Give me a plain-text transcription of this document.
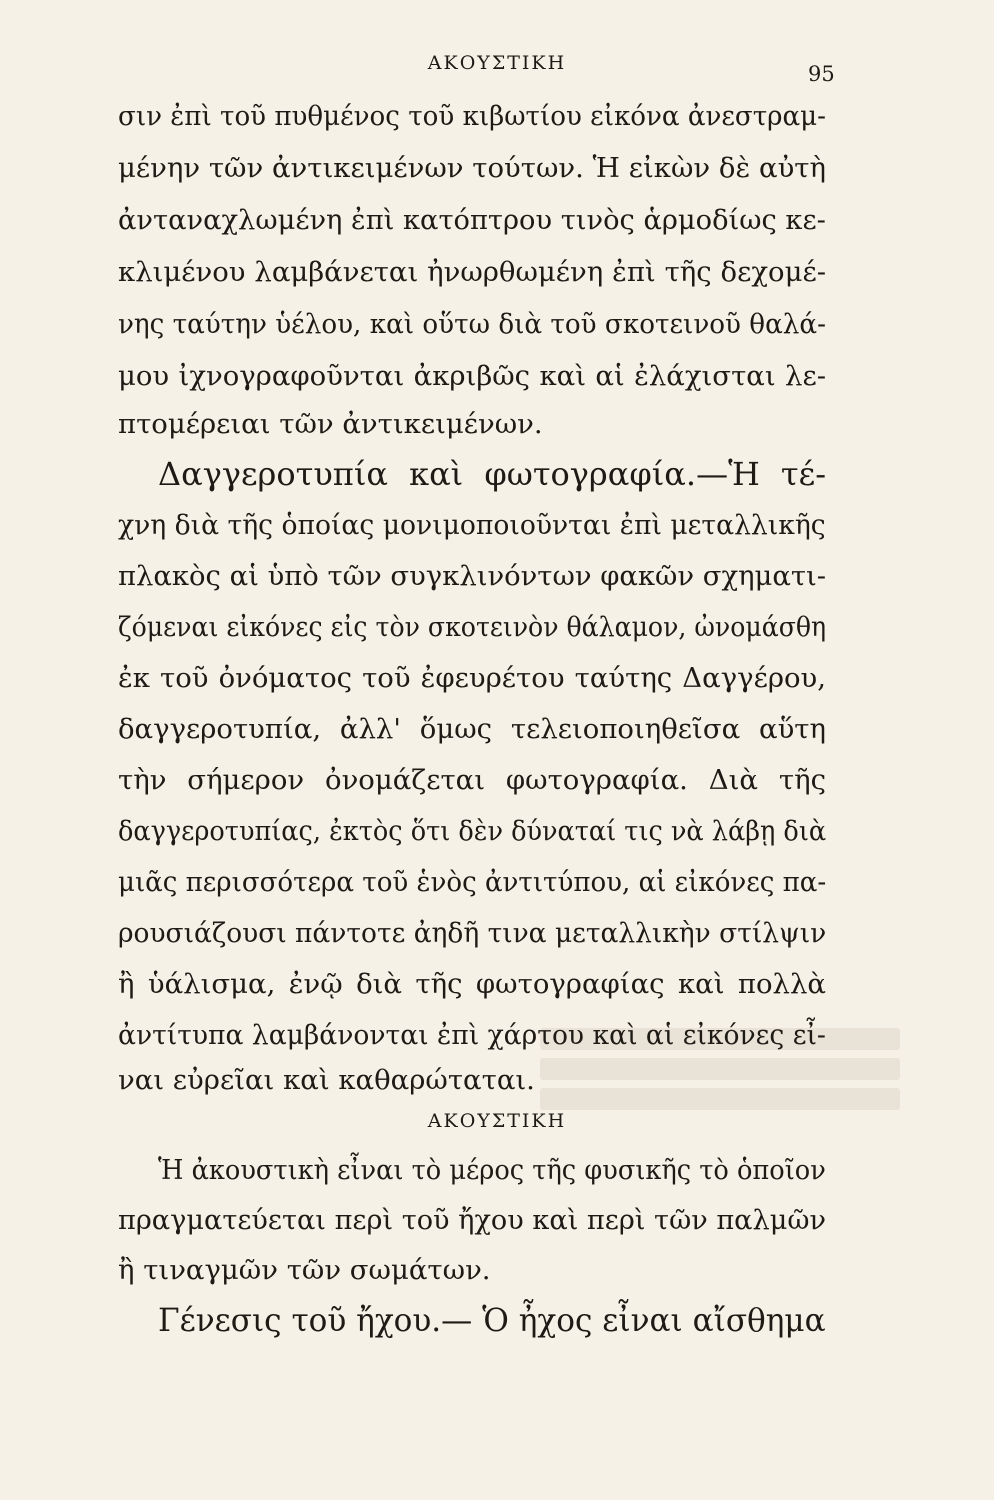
ΑΚΟΥΣΤΙΚΗ	95
σιν ἐπὶ τοῦ πυθμένος τοῦ κιβωτίου εἰκόνα ἀνεστραμ-
μένην τῶν ἀντικειμένων τούτων. Ἡ εἰκὼν δὲ αὐτὴ
ἀνταναχλωμένη ἐπὶ κατόπτρου τινὸς ἁρμοδίως κε-
κλιμένου λαμβάνεται ἠνωρθωμένη ἐπὶ τῆς δεχομέ-
νης ταύτην ὑέλου, καὶ οὕτω διὰ τοῦ σκοτεινοῦ θαλά-
μου ἰχνογραφοῦνται ἀκριβῶς καὶ αἱ ἐλάχισται λε-
πτομέρειαι τῶν ἀντικειμένων.
Δαγγεροτυπία καὶ φωτογραφία.—Ἡ τέ-
χνη διὰ τῆς ὁποίας μονιμοποιοῦνται ἐπὶ μεταλλικῆς
πλακὸς αἱ ὑπὸ τῶν συγκλινόντων φακῶν σχηματι-
ζόμεναι εἰκόνες εἰς τὸν σκοτεινὸν θάλαμον, ὠνομάσθη
ἐκ τοῦ ὀνόματος τοῦ ἐφευρέτου ταύτης Δαγγέρου,
δαγγεροτυπία, ἀλλ' ὅμως τελειοποιηθεῖσα αὕτη
τὴν σήμερον ὀνομάζεται φωτογραφία. Διὰ τῆς
δαγγεροτυπίας, ἐκτὸς ὅτι δὲν δύναταί τις νὰ λάβῃ διὰ
μιᾶς περισσότερα τοῦ ἑνὸς ἀντιτύπου, αἱ εἰκόνες πα-
ρουσιάζουσι πάντοτε ἀηδῆ τινα μεταλλικὴν στίλψιν
ἢ ὑάλισμα, ἐνῷ διὰ τῆς φωτογραφίας καὶ πολλὰ
ἀντίτυπα λαμβάνονται ἐπὶ χάρτου καὶ αἱ εἰκόνες εἶ-
ναι εὐρεῖαι καὶ καθαρώταται.
ΑΚΟΥΣΤΙΚΗ
Ἡ ἀκουστικὴ εἶναι τὸ μέρος τῆς φυσικῆς τὸ ὁποῖον
πραγματεύεται περὶ τοῦ ἤχου καὶ περὶ τῶν παλμῶν
ἢ τιναγμῶν τῶν σωμάτων.
Γένεσις τοῦ ἤχου.— Ὁ ἦχος εἶναι αἴσθημα
